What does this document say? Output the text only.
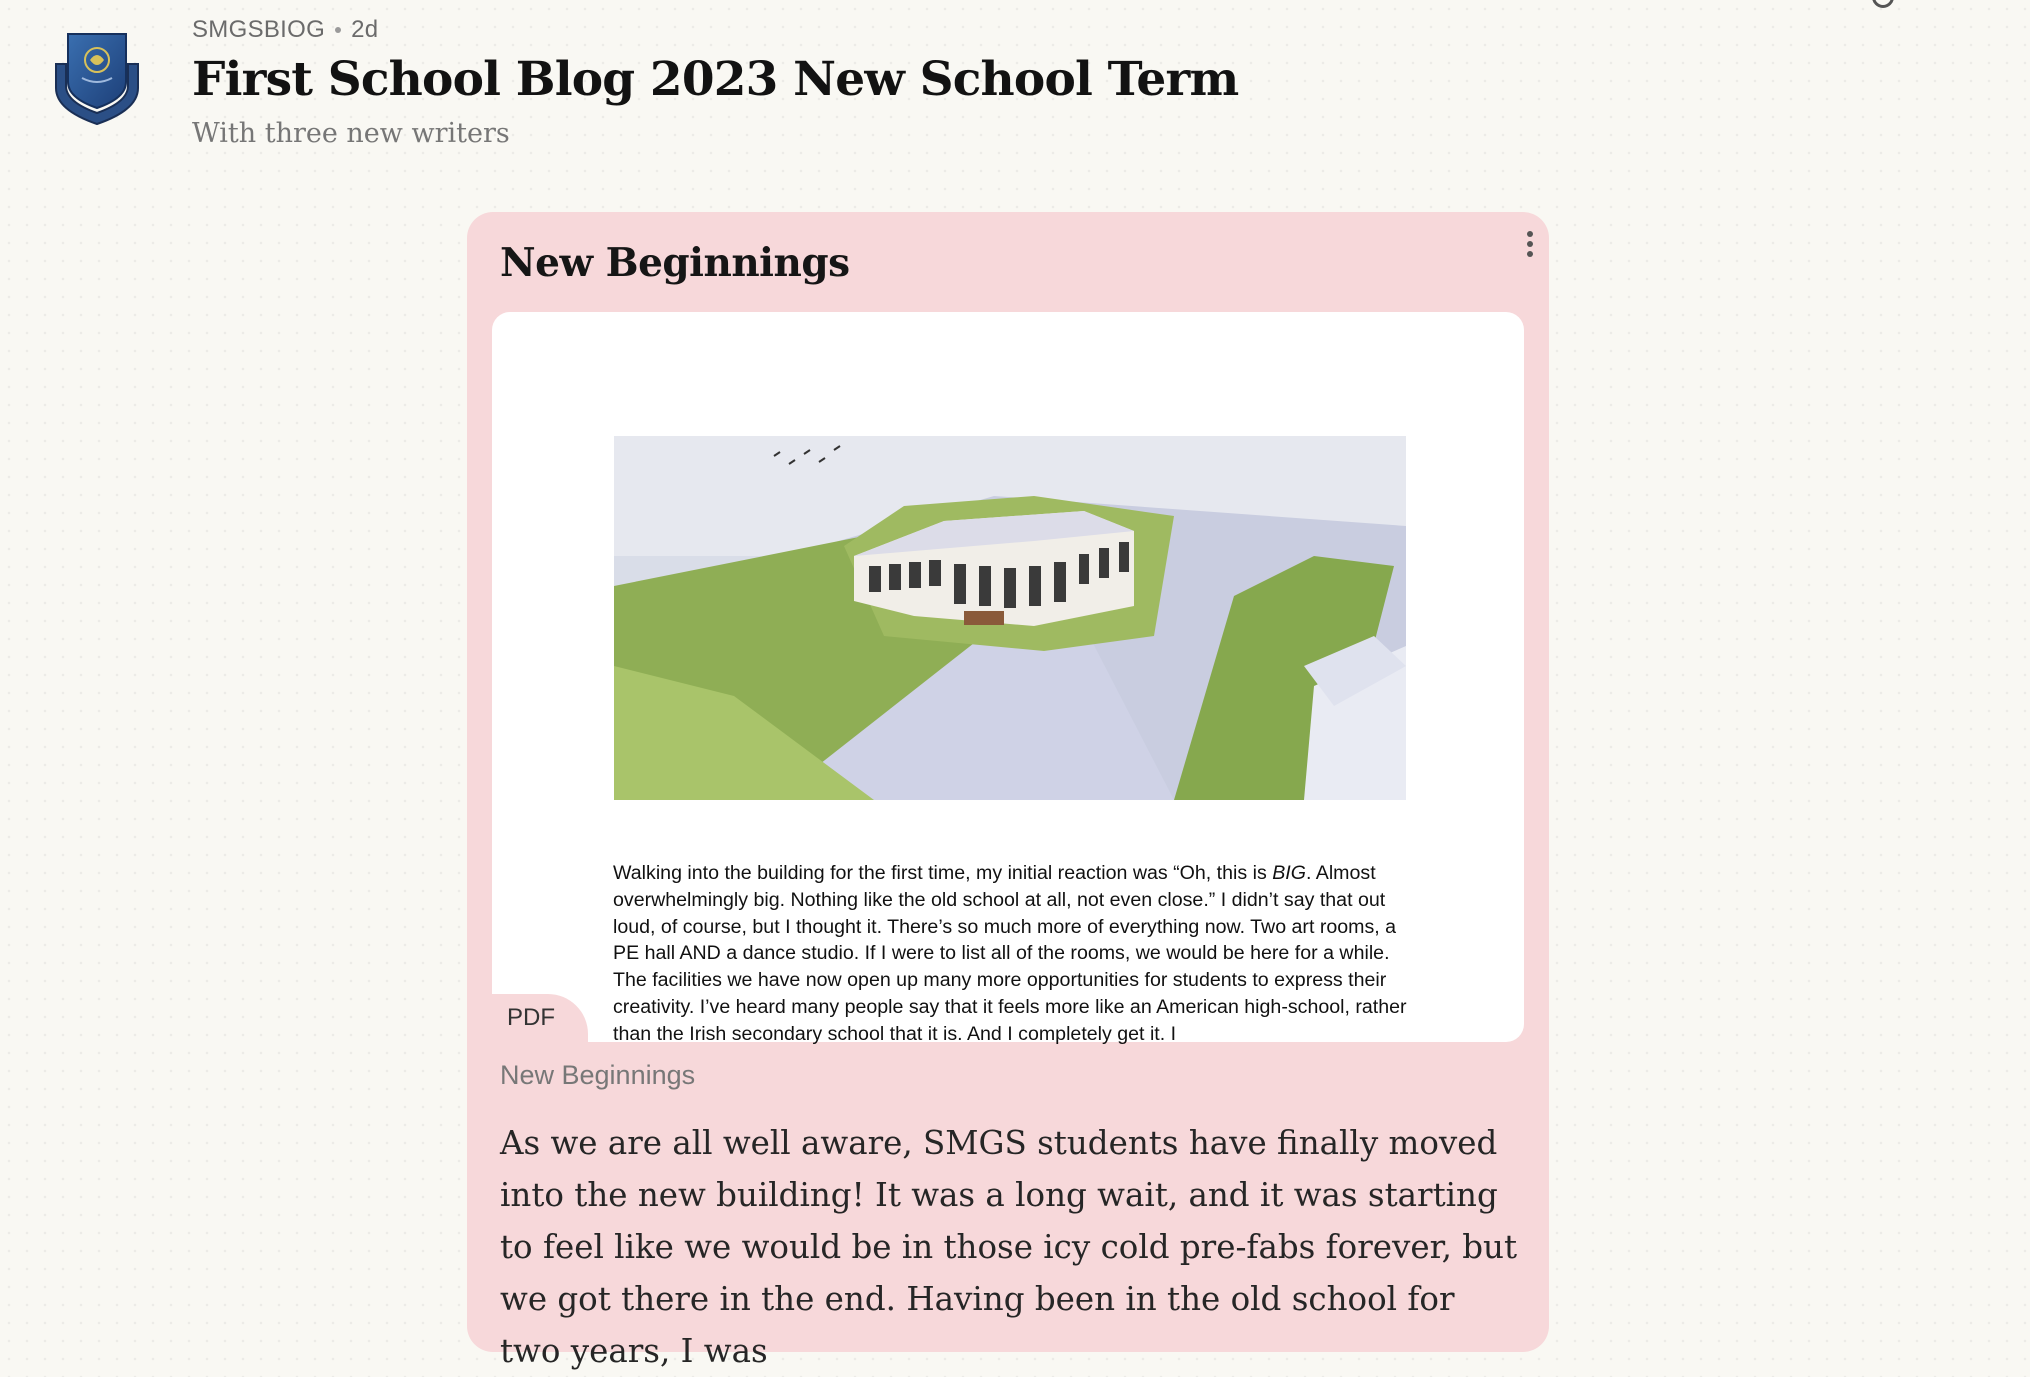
SMGSBIOG 2d
First School Blog 2023 New School Term
With three new writers
New Beginnings
Walking into the building for the first time, my initial reaction was “Oh, this is BIG. Almost overwhelmingly big. Nothing like the old school at all, not even close.” I didn’t say that out loud, of course, but I thought it. There’s so much more of everything now. Two art rooms, a PE hall AND a dance studio. If I were to list all of the rooms, we would be here for a while. The facilities we have now open up many more opportunities for students to express their creativity. I’ve heard many people say that it feels more like an American high-school, rather than the Irish secondary school that it is. And I completely get it. I
PDF
New Beginnings
As we are all well aware, SMGS students have finally moved into the new building! It was a long wait, and it was starting to feel like we would be in those icy cold pre-fabs forever, but we got there in the end. Having been in the old school for two years, I was
